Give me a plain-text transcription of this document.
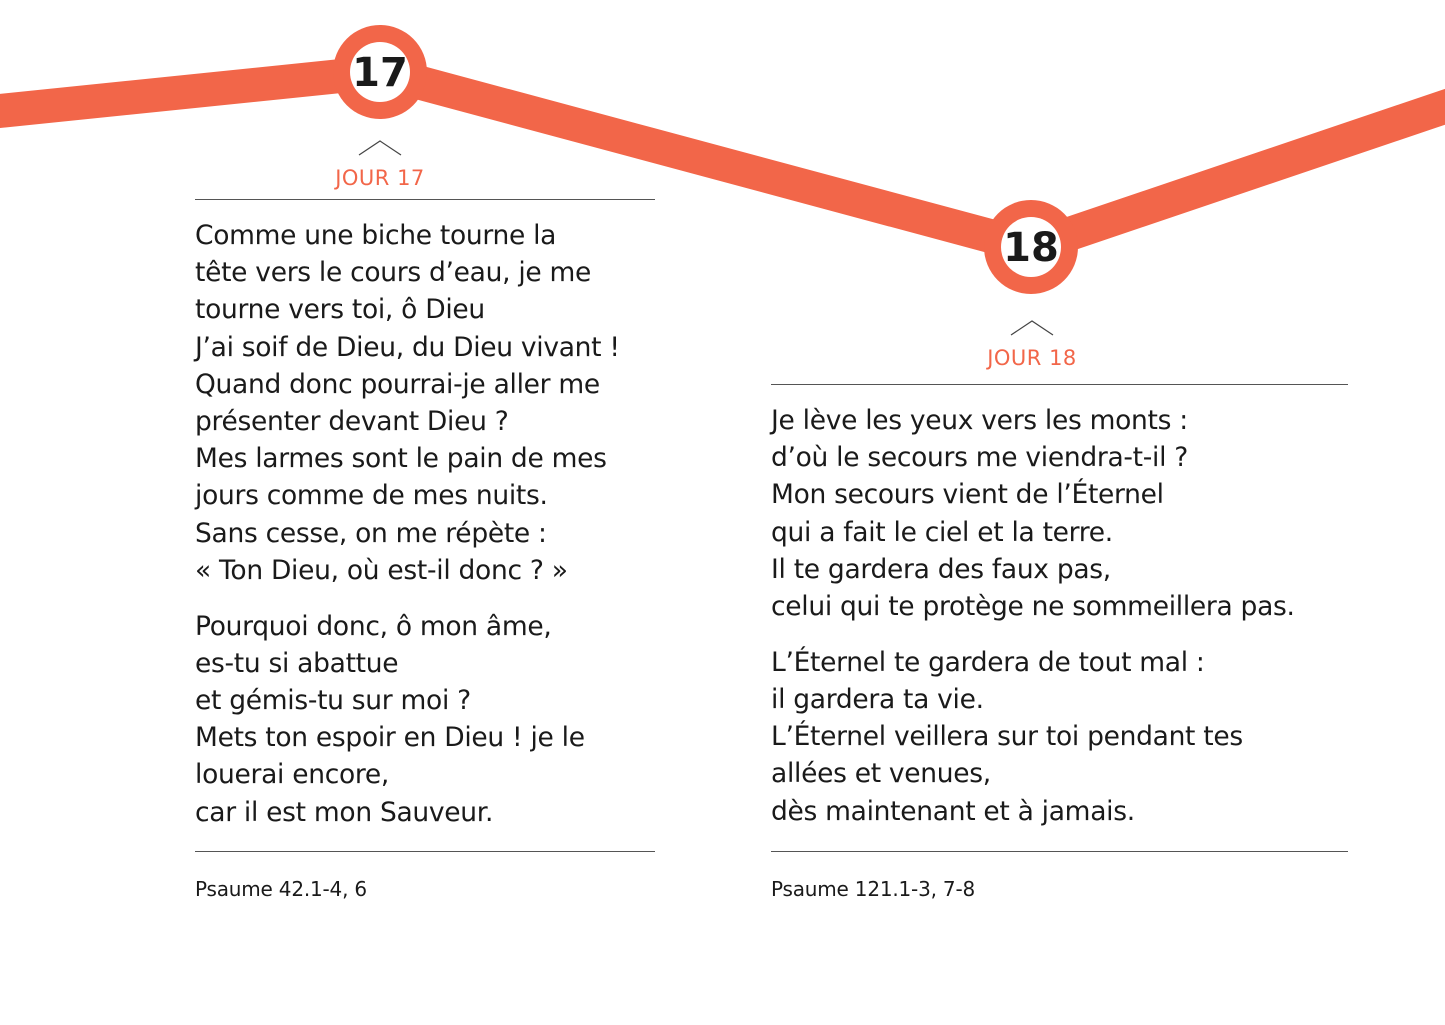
17
18
JOUR 17

Comme une biche tourne la
tête vers le cours d’eau, je me
tourne vers toi, ô Dieu
J’ai soif de Dieu, du Dieu vivant !
Quand donc pourrai-je aller me
présenter devant Dieu ?
Mes larmes sont le pain de mes
jours comme de mes nuits.
Sans cesse, on me répète :
« Ton Dieu, où est-il donc ? »

Pourquoi donc, ô mon âme,
es-tu si abattue
et gémis-tu sur moi ?
Mets ton espoir en Dieu ! je le
louerai encore,
car il est mon Sauveur.

Psaume 42.1-4, 6
JOUR 18

Je lève les yeux vers les monts :
d’où le secours me viendra-t-il ?
Mon secours vient de l’Éternel
qui a fait le ciel et la terre.
Il te gardera des faux pas,
celui qui te protège ne sommeillera pas.

L’Éternel te gardera de tout mal :
il gardera ta vie.
L’Éternel veillera sur toi pendant tes
allées et venues,
dès maintenant et à jamais.

Psaume 121.1-3, 7-8
